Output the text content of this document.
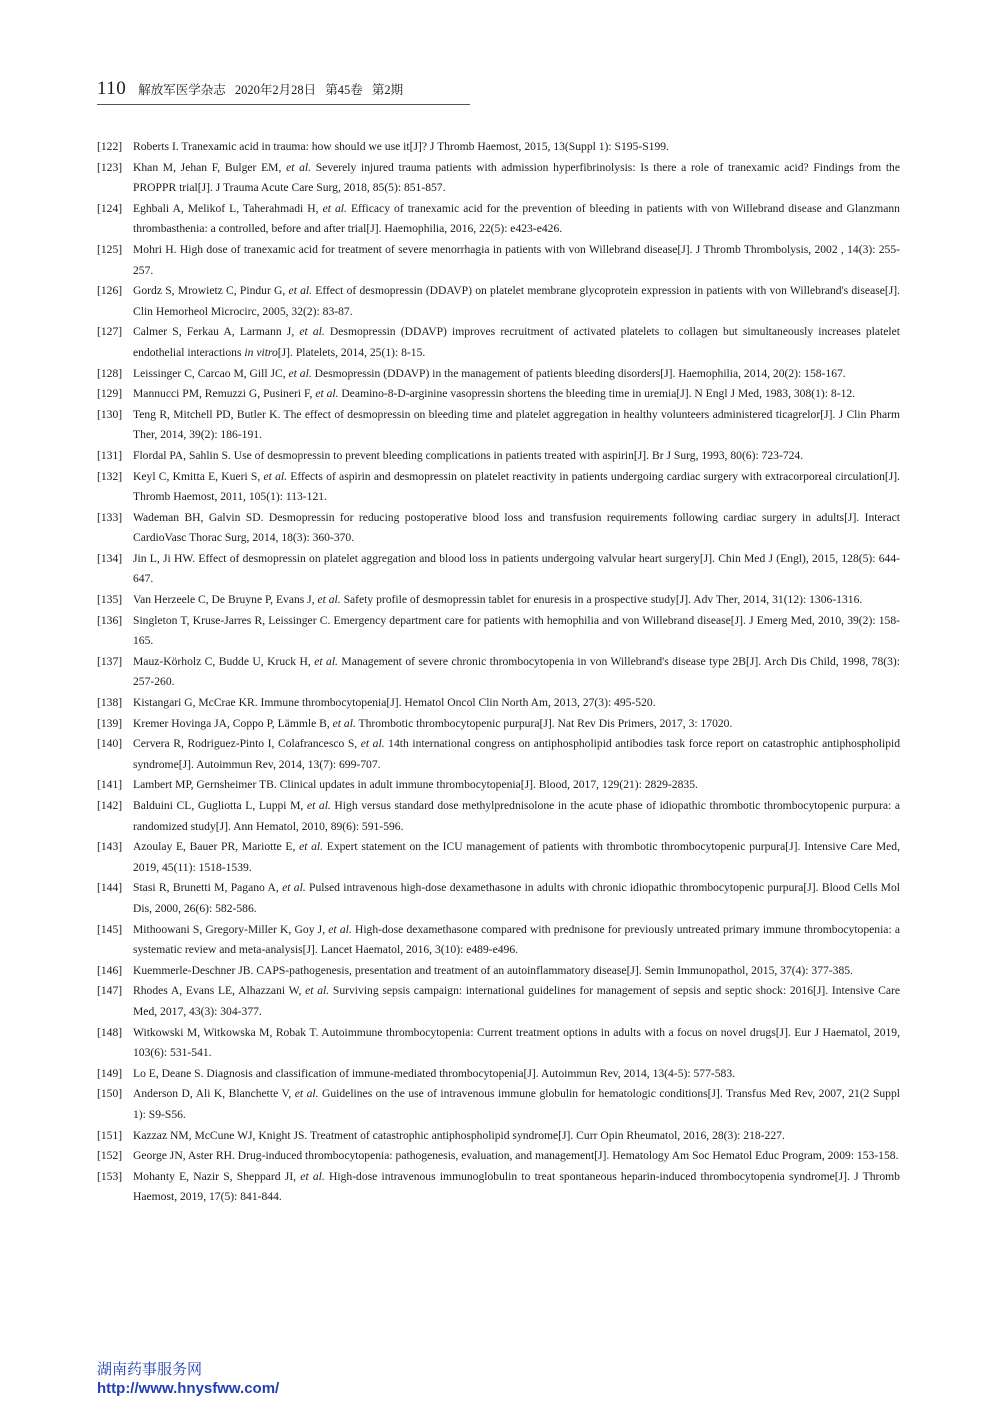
110 解放军医学杂志 2020年2月28日 第45卷 第2期
[122] Roberts I. Tranexamic acid in trauma: how should we use it[J]? J Thromb Haemost, 2015, 13(Suppl 1): S195-S199.
[123] Khan M, Jehan F, Bulger EM, et al. Severely injured trauma patients with admission hyperfibrinolysis: Is there a role of tranexamic acid? Findings from the PROPPR trial[J]. J Trauma Acute Care Surg, 2018, 85(5): 851-857.
[124] Eghbali A, Melikof L, Taherahmadi H, et al. Efficacy of tranexamic acid for the prevention of bleeding in patients with von Willebrand disease and Glanzmann thrombasthenia: a controlled, before and after trial[J]. Haemophilia, 2016, 22(5): e423-e426.
[125] Mohri H. High dose of tranexamic acid for treatment of severe menorrhagia in patients with von Willebrand disease[J]. J Thromb Thrombolysis, 2002 , 14(3): 255-257.
[126] Gordz S, Mrowietz C, Pindur G, et al. Effect of desmopressin (DDAVP) on platelet membrane glycoprotein expression in patients with von Willebrand's disease[J]. Clin Hemorheol Microcirc, 2005, 32(2): 83-87.
[127] Calmer S, Ferkau A, Larmann J, et al. Desmopressin (DDAVP) improves recruitment of activated platelets to collagen but simultaneously increases platelet endothelial interactions in vitro[J]. Platelets, 2014, 25(1): 8-15.
[128] Leissinger C, Carcao M, Gill JC, et al. Desmopressin (DDAVP) in the management of patients bleeding disorders[J]. Haemophilia, 2014, 20(2): 158-167.
[129] Mannucci PM, Remuzzi G, Pusineri F, et al. Deamino-8-D-arginine vasopressin shortens the bleeding time in uremia[J]. N Engl J Med, 1983, 308(1): 8-12.
[130] Teng R, Mitchell PD, Butler K. The effect of desmopressin on bleeding time and platelet aggregation in healthy volunteers administered ticagrelor[J]. J Clin Pharm Ther, 2014, 39(2): 186-191.
[131] Flordal PA, Sahlin S. Use of desmopressin to prevent bleeding complications in patients treated with aspirin[J]. Br J Surg, 1993, 80(6): 723-724.
[132] Keyl C, Kmitta E, Kueri S, et al. Effects of aspirin and desmopressin on platelet reactivity in patients undergoing cardiac surgery with extracorporeal circulation[J]. Thromb Haemost, 2011, 105(1): 113-121.
[133] Wademan BH, Galvin SD. Desmopressin for reducing postoperative blood loss and transfusion requirements following cardiac surgery in adults[J]. Interact CardioVasc Thorac Surg, 2014, 18(3): 360-370.
[134] Jin L, Ji HW. Effect of desmopressin on platelet aggregation and blood loss in patients undergoing valvular heart surgery[J]. Chin Med J (Engl), 2015, 128(5): 644-647.
[135] Van Herzeele C, De Bruyne P, Evans J, et al. Safety profile of desmopressin tablet for enuresis in a prospective study[J]. Adv Ther, 2014, 31(12): 1306-1316.
[136] Singleton T, Kruse-Jarres R, Leissinger C. Emergency department care for patients with hemophilia and von Willebrand disease[J]. J Emerg Med, 2010, 39(2): 158-165.
[137] Mauz-Körholz C, Budde U, Kruck H, et al. Management of severe chronic thrombocytopenia in von Willebrand's disease type 2B[J]. Arch Dis Child, 1998, 78(3): 257-260.
[138] Kistangari G, McCrae KR. Immune thrombocytopenia[J]. Hematol Oncol Clin North Am, 2013, 27(3): 495-520.
[139] Kremer Hovinga JA, Coppo P, Lämmle B, et al. Thrombotic thrombocytopenic purpura[J]. Nat Rev Dis Primers, 2017, 3: 17020.
[140] Cervera R, Rodriguez-Pinto I, Colafrancesco S, et al. 14th international congress on antiphospholipid antibodies task force report on catastrophic antiphospholipid syndrome[J]. Autoimmun Rev, 2014, 13(7): 699-707.
[141] Lambert MP, Gernsheimer TB. Clinical updates in adult immune thrombocytopenia[J]. Blood, 2017, 129(21): 2829-2835.
[142] Balduini CL, Gugliotta L, Luppi M, et al. High versus standard dose methylprednisolone in the acute phase of idiopathic thrombotic thrombocytopenic purpura: a randomized study[J]. Ann Hematol, 2010, 89(6): 591-596.
[143] Azoulay E, Bauer PR, Mariotte E, et al. Expert statement on the ICU management of patients with thrombotic thrombocytopenic purpura[J]. Intensive Care Med, 2019, 45(11): 1518-1539.
[144] Stasi R, Brunetti M, Pagano A, et al. Pulsed intravenous high-dose dexamethasone in adults with chronic idiopathic thrombocytopenic purpura[J]. Blood Cells Mol Dis, 2000, 26(6): 582-586.
[145] Mithoowani S, Gregory-Miller K, Goy J, et al. High-dose dexamethasone compared with prednisone for previously untreated primary immune thrombocytopenia: a systematic review and meta-analysis[J]. Lancet Haematol, 2016, 3(10): e489-e496.
[146] Kuemmerle-Deschner JB. CAPS-pathogenesis, presentation and treatment of an autoinflammatory disease[J]. Semin Immunopathol, 2015, 37(4): 377-385.
[147] Rhodes A, Evans LE, Alhazzani W, et al. Surviving sepsis campaign: international guidelines for management of sepsis and septic shock: 2016[J]. Intensive Care Med, 2017, 43(3): 304-377.
[148] Witkowski M, Witkowska M, Robak T. Autoimmune thrombocytopenia: Current treatment options in adults with a focus on novel drugs[J]. Eur J Haematol, 2019, 103(6): 531-541.
[149] Lo E, Deane S. Diagnosis and classification of immune-mediated thrombocytopenia[J]. Autoimmun Rev, 2014, 13(4-5): 577-583.
[150] Anderson D, Ali K, Blanchette V, et al. Guidelines on the use of intravenous immune globulin for hematologic conditions[J]. Transfus Med Rev, 2007, 21(2 Suppl 1): S9-S56.
[151] Kazzaz NM, McCune WJ, Knight JS. Treatment of catastrophic antiphospholipid syndrome[J]. Curr Opin Rheumatol, 2016, 28(3): 218-227.
[152] George JN, Aster RH. Drug-induced thrombocytopenia: pathogenesis, evaluation, and management[J]. Hematology Am Soc Hematol Educ Program, 2009: 153-158.
[153] Mohanty E, Nazir S, Sheppard JI, et al. High-dose intravenous immunoglobulin to treat spontaneous heparin-induced thrombocytopenia syndrome[J]. J Thromb Haemost, 2019, 17(5): 841-844.
湖南药事服务网
http://www.hnysfww.com/
